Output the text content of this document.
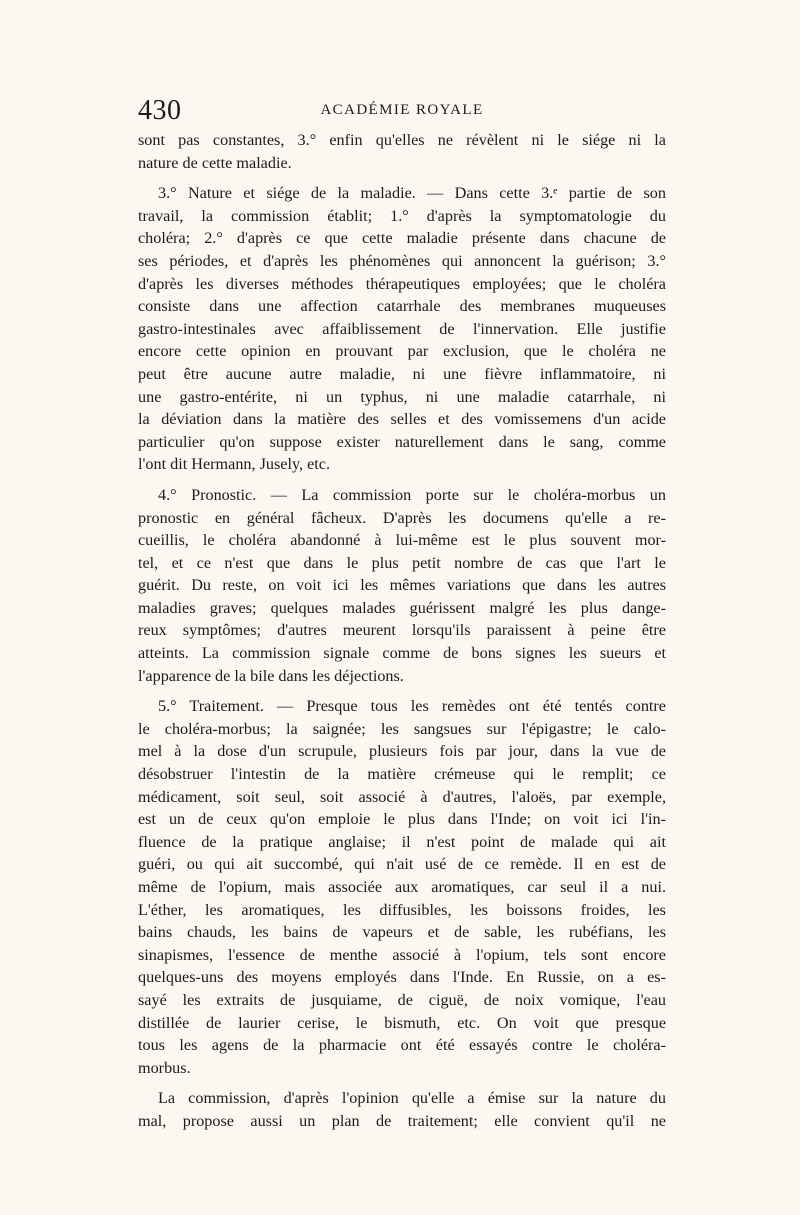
430	ACADÉMIE ROYALE
sont pas constantes, 3.° enfin qu'elles ne révèlent ni le siége ni la
nature de cette maladie.
3.° Nature et siége de la maladie. — Dans cette 3.ᵉ partie de son
travail, la commission établit; 1.° d'après la symptomatologie du
choléra; 2.° d'après ce que cette maladie présente dans chacune de
ses périodes, et d'après les phénomènes qui annoncent la guérison; 3.°
d'après les diverses méthodes thérapeutiques employées; que le choléra
consiste dans une affection catarrhale des membranes muqueuses
gastro-intestinales avec affaiblissement de l'innervation. Elle justifie
encore cette opinion en prouvant par exclusion, que le choléra ne
peut être aucune autre maladie, ni une fièvre inflammatoire, ni
une gastro-entérite, ni un typhus, ni une maladie catarrhale, ni
la déviation dans la matière des selles et des vomissemens d'un acide
particulier qu'on suppose exister naturellement dans le sang, comme
l'ont dit Hermann, Jusely, etc.
4.° Pronostic. — La commission porte sur le choléra-morbus un
pronostic en général fâcheux. D'après les documens qu'elle a re-
cueillis, le choléra abandonné à lui-même est le plus souvent mor-
tel, et ce n'est que dans le plus petit nombre de cas que l'art le
guérit. Du reste, on voit ici les mêmes variations que dans les autres
maladies graves; quelques malades guérissent malgré les plus dange-
reux symptômes; d'autres meurent lorsqu'ils paraissent à peine être
atteints. La commission signale comme de bons signes les sueurs et
l'apparence de la bile dans les déjections.
5.° Traitement. — Presque tous les remèdes ont été tentés contre
le choléra-morbus; la saignée; les sangsues sur l'épigastre; le calo-
mel à la dose d'un scrupule, plusieurs fois par jour, dans la vue de
désobstruer l'intestin de la matière crémeuse qui le remplit; ce
médicament, soit seul, soit associé à d'autres, l'aloës, par exemple,
est un de ceux qu'on emploie le plus dans l'Inde; on voit ici l'in-
fluence de la pratique anglaise; il n'est point de malade qui ait
guéri, ou qui ait succombé, qui n'ait usé de ce remède. Il en est de
même de l'opium, mais associée aux aromatiques, car seul il a nui.
L'éther, les aromatiques, les diffusibles, les boissons froides, les
bains chauds, les bains de vapeurs et de sable, les rubéfians, les
sinapismes, l'essence de menthe associé à l'opium, tels sont encore
quelques-uns des moyens employés dans l'Inde. En Russie, on a es-
sayé les extraits de jusquiame, de ciguë, de noix vomique, l'eau
distillée de laurier cerise, le bismuth, etc. On voit que presque
tous les agens de la pharmacie ont été essayés contre le choléra-
morbus.
La commission, d'après l'opinion qu'elle a émise sur la nature du
mal, propose aussi un plan de traitement; elle convient qu'il ne
